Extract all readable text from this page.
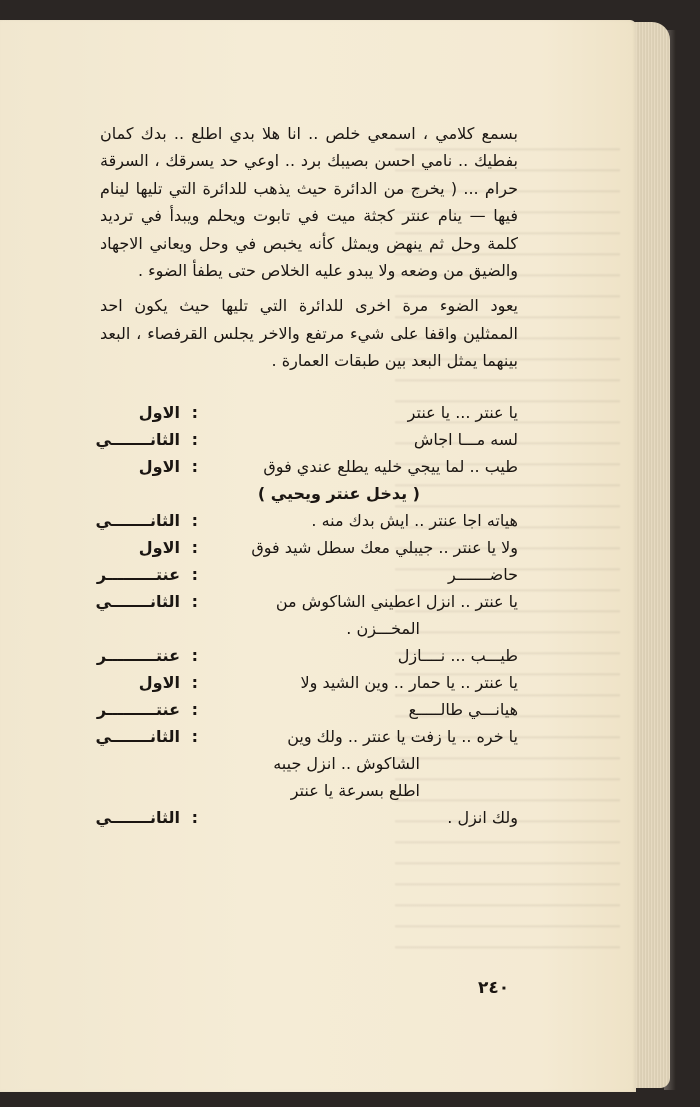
بسمع كلامي ، اسمعي خلص .. انا هلا بدي اطلع .. بدك كمان بفطيك .. نامي احسن بصيبك برد .. اوعي حد يسرقك ، السرقة حرام ... ( يخرج من الدائرة حيث يذهب للدائرة التي تليها لينام فيها — ينام عنتر كجثة ميت في تابوت ويحلم ويبدأ في ترديد كلمة وحل ثم ينهض ويمثل كأنه يخبص في وحل ويعاني الاجهاد والضيق من وضعه ولا يبدو عليه الخلاص حتى يطفأ الضوء .

يعود الضوء مرة اخرى للدائرة التي تليها حيث يكون احد الممثلين واقفا على شيء مرتفع والاخر يجلس القرفصاء ، البعد بينهما يمثل البعد بين طبقات العمارة .

يا عنتر ... يا عنتر
:
الاول
لسه مـــا اجاش
:
الثانـــــــي
طيب .. لما ييجي خليه يطلع عندي فوق
:
الاول
( يدخل عنتر ويحيي )
هياته اجا عنتر .. ايش بدك منه .
:
الثانـــــــي
ولا يا عنتر .. جيبلي معك سطل شيد فوق
:
الاول
حاضـــــــر
:
عنتـــــــــر
يا عنتر .. انزل اعطيني الشاكوش من
:
الثانـــــــي
المخـــزن .
طيـــب ... نــــازل
:
عنتـــــــــر
يا عنتر .. يا حمار .. وين الشيد ولا
:
الاول
هيانـــي طالـــــع
:
عنتـــــــــر
يا خره .. يا زفت يا عنتر .. ولك وين
:
الثانـــــــي
الشاكوش .. انزل جيبه
اطلع بسرعة يا عنتر
ولك انزل .
:
الثانـــــــي
٢٤٠
